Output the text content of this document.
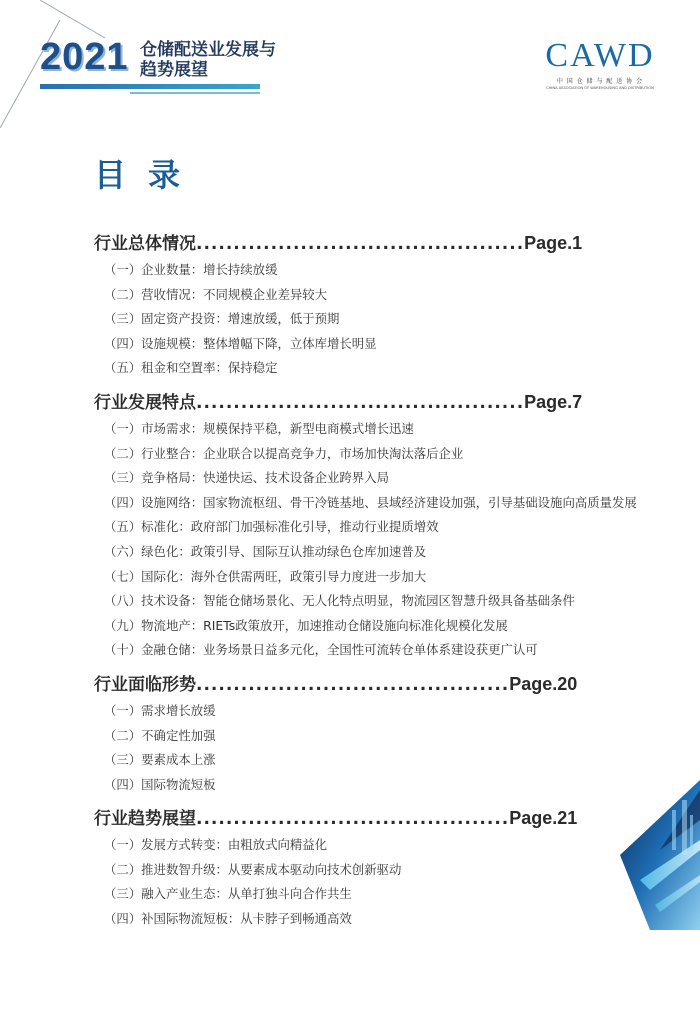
2021 仓储配送业发展与趋势展望	CAWD
中 国 仓 储 与 配 送 协 会
CHINA ASSOCIATION OF WAREHOUSING AND DISTRIBUTION
目录
行业总体情况 ............................................ Page.1
（一）企业数量：增长持续放缓
（二）营收情况：不同规模企业差异较大
（三）固定资产投资：增速放缓，低于预期
（四）设施规模：整体增幅下降，立体库增长明显
（五）租金和空置率：保持稳定
行业发展特点 ............................................ Page.7
（一）市场需求：规模保持平稳，新型电商模式增长迅速
（二）行业整合：企业联合以提高竞争力，市场加快淘汰落后企业
（三）竞争格局：快递快运、技术设备企业跨界入局
（四）设施网络：国家物流枢纽、骨干冷链基地、县域经济建设加强，引导基础设施向高质量发展
（五）标准化：政府部门加强标准化引导，推动行业提质增效
（六）绿色化：政策引导、国际互认推动绿色仓库加速普及
（七）国际化：海外仓供需两旺，政策引导力度进一步加大
（八）技术设备：智能仓储场景化、无人化特点明显，物流园区智慧升级具备基础条件
（九）物流地产：RIETs政策放开，加速推动仓储设施向标准化规模化发展
（十）金融仓储：业务场景日益多元化，全国性可流转仓单体系建设获更广认可
行业面临形势 .......................................... Page.20
（一）需求增长放缓
（二）不确定性加强
（三）要素成本上涨
（四）国际物流短板
行业趋势展望 .......................................... Page.21
（一）发展方式转变：由粗放式向精益化
（二）推进数智升级：从要素成本驱动向技术创新驱动
（三）融入产业生态：从单打独斗向合作共生
（四）补国际物流短板：从卡脖子到畅通高效
